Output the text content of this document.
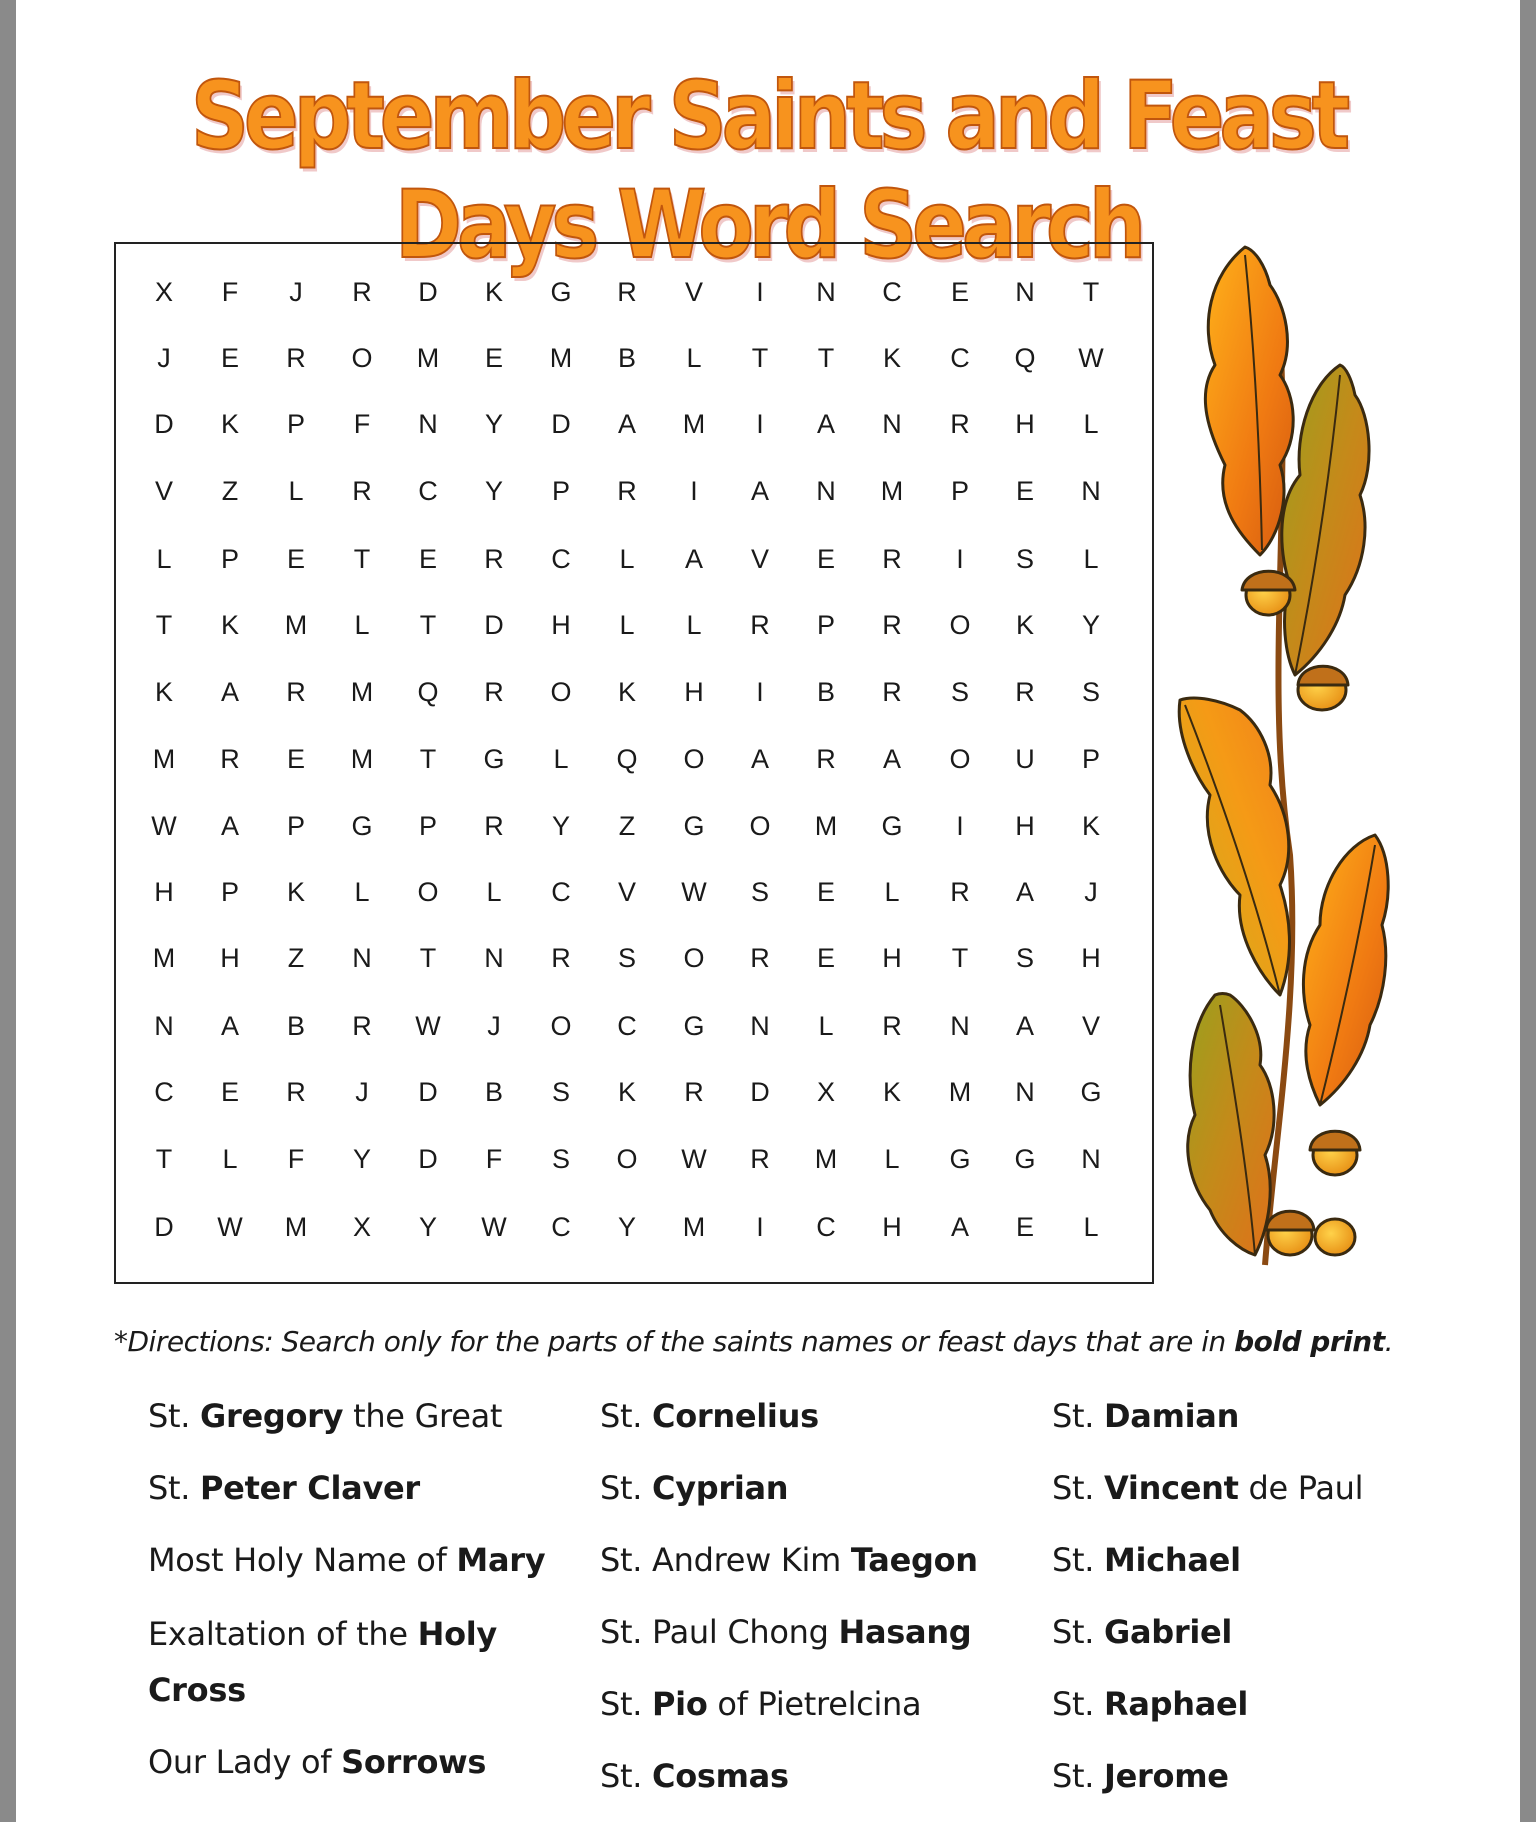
September Saints and Feast Days Word Search
X	F	J	R	D	K	G	R	V	I	N	C	E	N	T
J	E	R	O	M	E	M	B	L	T	T	K	C	Q	W
D	K	P	F	N	Y	D	A	M	I	A	N	R	H	L
V	Z	L	R	C	Y	P	R	I	A	N	M	P	E	N
L	P	E	T	E	R	C	L	A	V	E	R	I	S	L
T	K	M	L	T	D	H	L	L	R	P	R	O	K	Y
K	A	R	M	Q	R	O	K	H	I	B	R	S	R	S
M	R	E	M	T	G	L	Q	O	A	R	A	O	U	P
W	A	P	G	P	R	Y	Z	G	O	M	G	I	H	K
H	P	K	L	O	L	C	V	W	S	E	L	R	A	J
M	H	Z	N	T	N	R	S	O	R	E	H	T	S	H
N	A	B	R	W	J	O	C	G	N	L	R	N	A	V
C	E	R	J	D	B	S	K	R	D	X	K	M	N	G
T	L	F	Y	D	F	S	O	W	R	M	L	G	G	N
D	W	M	X	Y	W	C	Y	M	I	C	H	A	E	L
*Directions: Search only for the parts of the saints names or feast days that are in bold print.
St. Gregory the Great
St. Peter Claver
Most Holy Name of Mary
Exaltation of the Holy Cross
Our Lady of Sorrows
St. Cornelius
St. Cyprian
St. Andrew Kim Taegon
St. Paul Chong Hasang
St. Pio of Pietrelcina
St. Cosmas
St. Damian
St. Vincent de Paul
St. Michael
St. Gabriel
St. Raphael
St. Jerome
